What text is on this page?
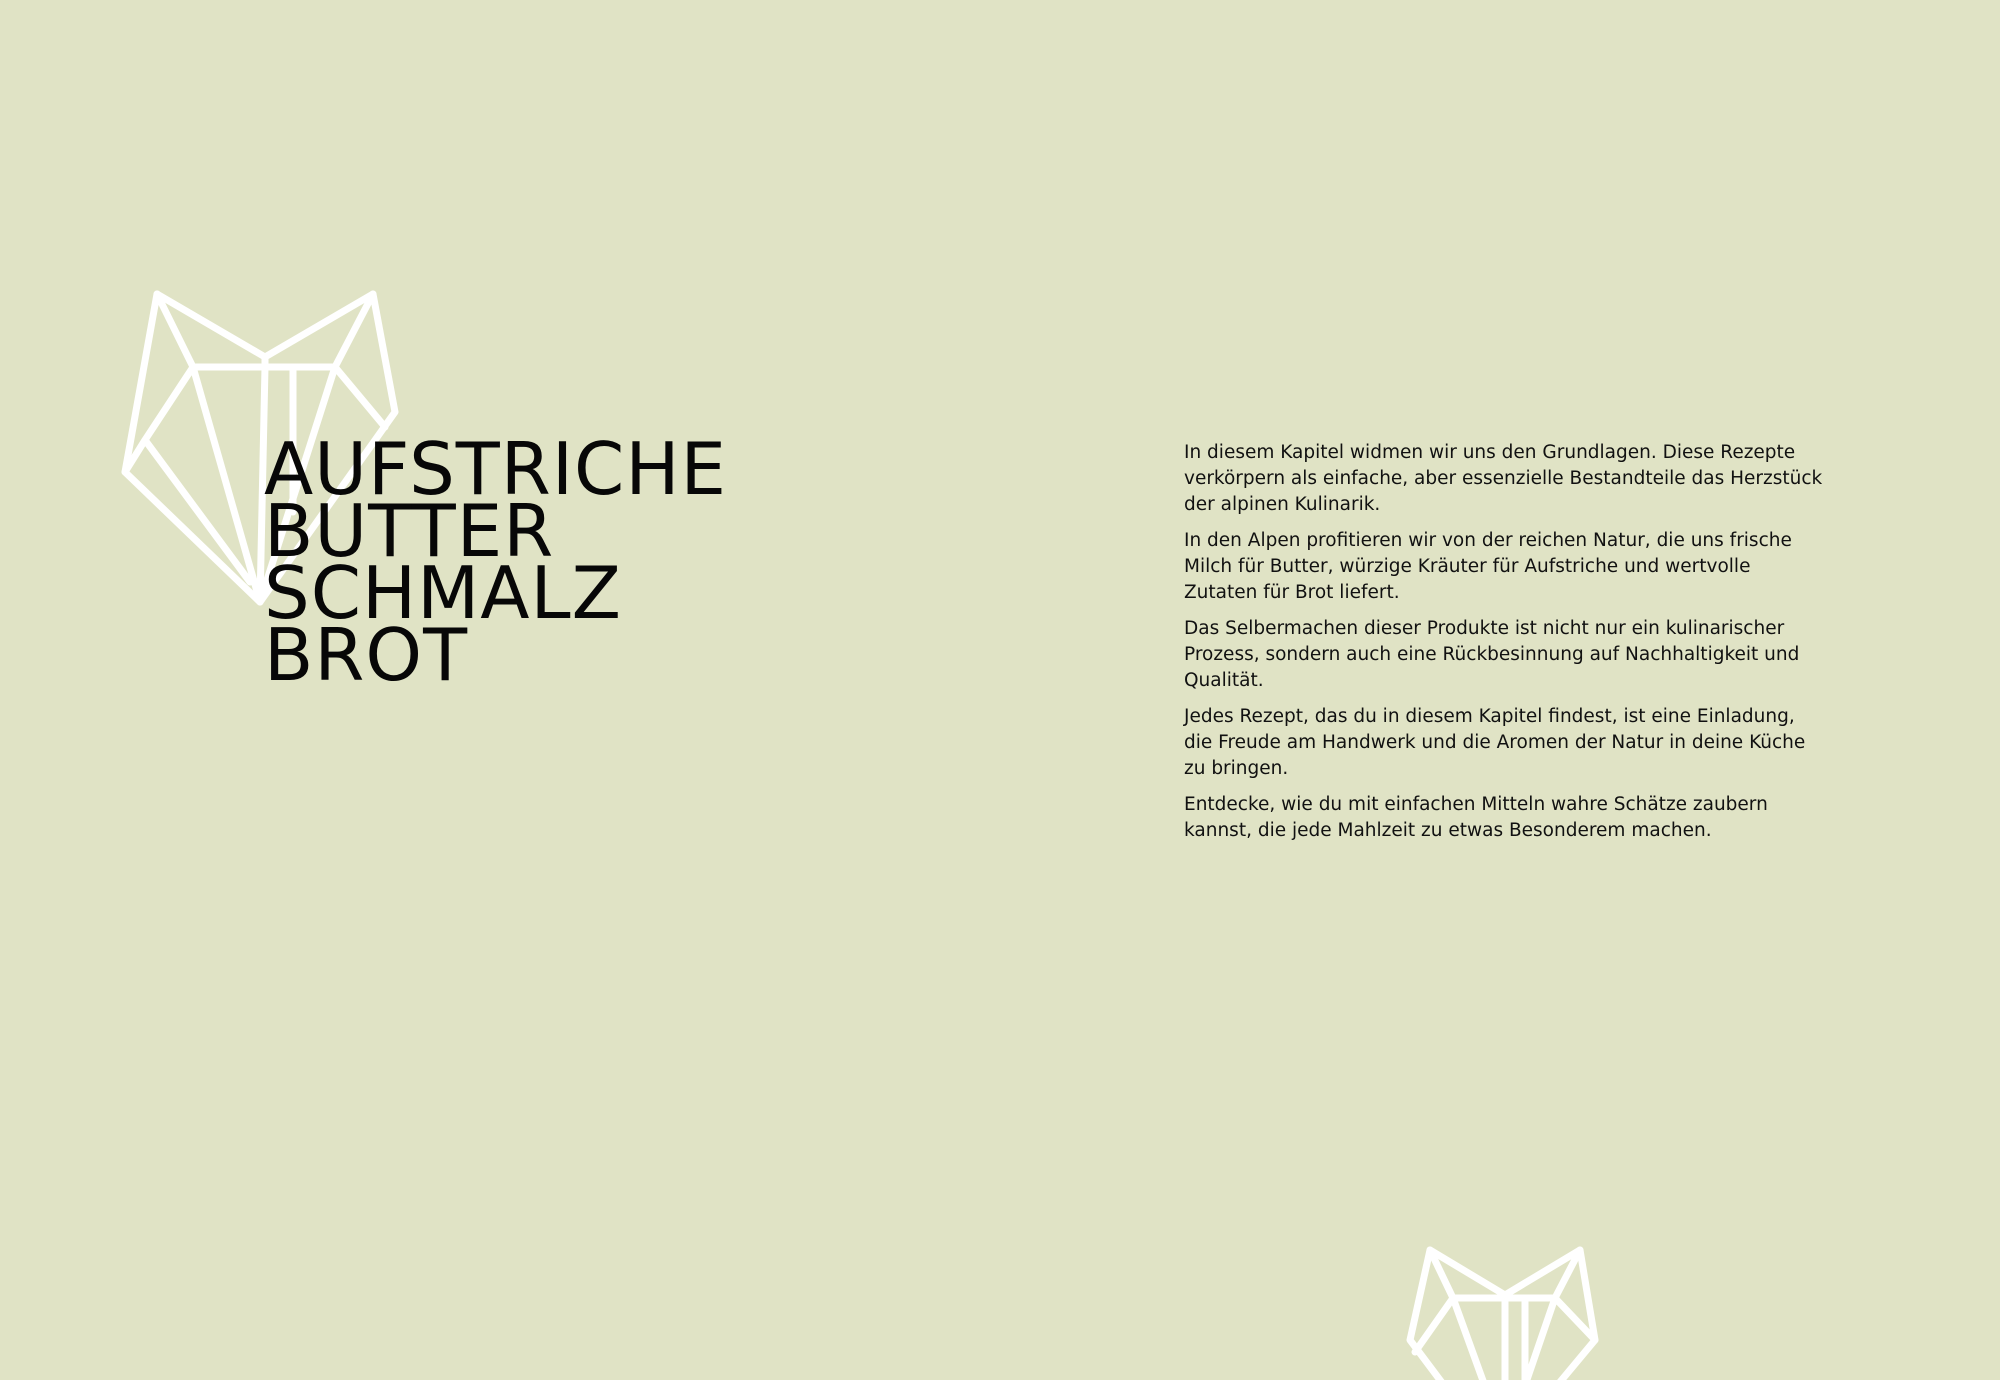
AUFSTRICHE
BUTTER
SCHMALZ
BROT

In diesem Kapitel widmen wir uns den Grundlagen. Diese Rezepte verkörpern als einfache, aber essenzielle Bestandteile das Herzstück der alpinen Kulinarik.

In den Alpen profitieren wir von der reichen Natur, die uns frische Milch für Butter, würzige Kräuter für Aufstriche und wertvolle Zutaten für Brot liefert.

Das Selbermachen dieser Produkte ist nicht nur ein kulinarischer Prozess, sondern auch eine Rückbesinnung auf Nachhaltigkeit und Qualität.

Jedes Rezept, das du in diesem Kapitel findest, ist eine Einladung, die Freude am Handwerk und die Aromen der Natur in deine Küche zu bringen.

Entdecke, wie du mit einfachen Mitteln wahre Schätze zaubern kannst, die jede Mahlzeit zu etwas Besonderem machen.
